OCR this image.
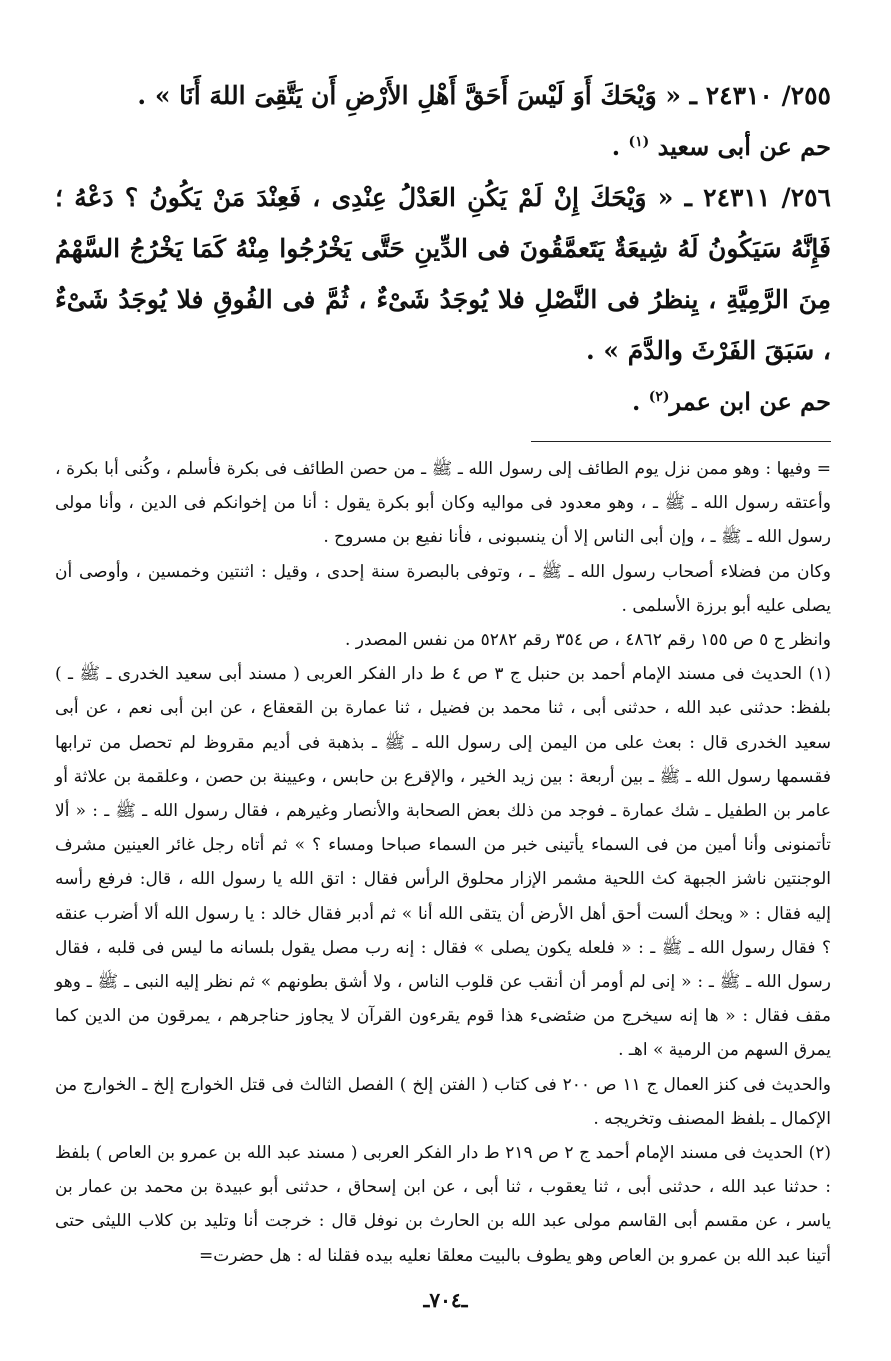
٢٥٥/ ٢٤٣١٠ ـ « وَيْحَكَ أَوَ لَيْسَ أَحَقَّ أَهْلِ الأَرْضِ أَن يَتَّقِىَ اللهَ أَنَا » .

حم عن أبى سعيد $^{(١)}$ .

٢٥٦/ ٢٤٣١١ ـ « وَيْحَكَ إِنْ لَمْ يَكُنِ العَدْلُ عِنْدِى ، فَعِنْدَ مَنْ يَكُونُ ؟ دَعْهُ ؛ فَإِنَّهُ سَيَكُونُ لَهُ شِيعَةٌ يَتَعمَّقُونَ فى الدِّينِ حَتَّى يَخْرُجُوا مِنْهُ كَمَا يَخْرُجُ السَّهْمُ مِنَ الرَّمِيَّةِ ، يِنظرُ فى النَّصْلِ فلا يُوجَدُ شَىْءٌ ، ثُمَّ فى الفُوقِ فلا يُوجَدُ شَىْءٌ ، سَبَقَ الفَرْثَ والدَّمَ » .

حم عن ابن عمر$^{(٢)}$ .

= وفيها : وهو ممن نزل يوم الطائف إلى رسول الله ـ ﷺ ـ من حصن الطائف فى بكرة فأسلم ، وكُنى أبا بكرة ، وأعتقه رسول الله ـ ﷺ ـ ، وهو معدود فى مواليه وكان أبو بكرة يقول : أنا من إخوانكم فى الدين ، وأنا مولى رسول الله ـ ﷺ ـ ، وإن أبى الناس إلا أن ينسبونى ، فأنا نفيع بن مسروح .

وكان من فضلاء أصحاب رسول الله ـ ﷺ ـ ، وتوفى بالبصرة سنة إحدى ، وقيل : اثنتين وخمسين ، وأوصى أن يصلى عليه أبو برزة الأسلمى .

وانظر ج ٥ ص ١٥٥ رقم ٤٨٦٢ ، ص ٣٥٤ رقم ٥٢٨٢ من نفس المصدر .

(١) الحديث فى مسند الإمام أحمد بن حنبل ج ٣ ص ٤ ط دار الفكر العربى ( مسند أبى سعيد الخدرى ـ ﷺ ـ ) بلفظ: حدثنى عبد الله ، حدثنى أبى ، ثنا محمد بن فضيل ، ثنا عمارة بن القعقاع ، عن ابن أبى نعم ، عن أبى سعيد الخدرى قال : بعث على من اليمن إلى رسول الله ـ ﷺ ـ بذهبة فى أديم مقروظ لم تحصل من ترابها فقسمها رسول الله ـ ﷺ ـ بين أربعة : بين زيد الخير ، والإقرع بن حابس ، وعيينة بن حصن ، وعلقمة بن علاثة أو عامر بن الطفيل ـ شك عمارة ـ فوجد من ذلك بعض الصحابة والأنصار وغيرهم ، فقال رسول الله ـ ﷺ ـ : « ألا تأتمنونى وأنا أمين من فى السماء يأتينى خبر من السماء صباحا ومساء ؟ » ثم أتاه رجل غائر العينين مشرف الوجنتين ناشز الجبهة كث اللحية مشمر الإزار محلوق الرأس فقال : اتق الله يا رسول الله ، قال: فرفع رأسه إليه فقال : « ويحك ألست أحق أهل الأرض أن يتقى الله أنا » ثم أدبر فقال خالد : يا رسول الله ألا أضرب عنقه ؟ فقال رسول الله ـ ﷺ ـ : « فلعله يكون يصلى » فقال : إنه رب مصل يقول بلسانه ما ليس فى قلبه ، فقال رسول الله ـ ﷺ ـ : « إنى لم أومر أن أنقب عن قلوب الناس ، ولا أشق بطونهم » ثم نظر إليه النبى ـ ﷺ ـ وهو مقف فقال : « ها إنه سيخرج من ضئضىء هذا قوم يقرءون القرآن لا يجاوز حناجرهم ، يمرقون من الدين كما يمرق السهم من الرمية » اهـ .

والحديث فى كنز العمال ج ١١ ص ٢٠٠ فى كتاب ( الفتن إلخ ) الفصل الثالث فى قتل الخوارج إلخ ـ الخوارج من الإكمال ـ بلفظ المصنف وتخريجه .

(٢) الحديث فى مسند الإمام أحمد ج ٢ ص ٢١٩ ط دار الفكر العربى ( مسند عبد الله بن عمرو بن العاص ) بلفظ : حدثنا عبد الله ، حدثنى أبى ، ثنا يعقوب ، ثنا أبى ، عن ابن إسحاق ، حدثنى أبو عبيدة بن محمد بن عمار بن ياسر ، عن مقسم أبى القاسم مولى عبد الله بن الحارث بن نوفل قال : خرجت أنا وتليد بن كلاب الليثى حتى أتينا عبد الله بن عمرو بن العاص وهو يطوف بالبيت معلقا نعليه بيده فقلنا له : هل حضرت=

ـ٧٠٤ـ
